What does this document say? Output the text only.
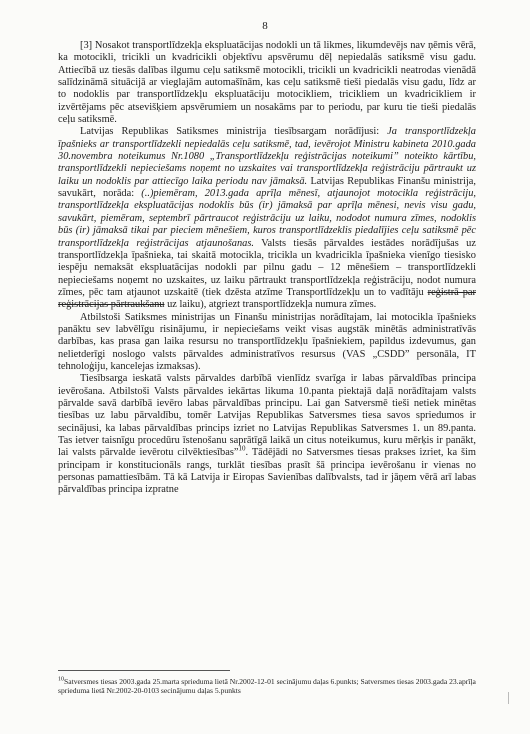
8

[3] Nosakot transportlīdzekļa ekspluatācijas nodokli un tā likmes, likumdevējs nav ņēmis vērā, ka motocikli, tricikli un kvadricikli objektīvu apsvērumu dēļ nepiedalās satiksmē visu gadu. Attiecībā uz tiesās dalības ilgumu ceļu satiksmē motocikli, tricikli un kvadricikli neatrodas vienādā salīdzināmā situācijā ar vieglajām automašīnām, kas ceļu satiksmē tieši piedalās visu gadu, līdz ar to nodoklis par transportlīdzekļu ekspluatāciju motocikliem, tricikliem un kvadricikliem ir izvērtējams pēc atsevišķiem apsvērumiem un nosakāms par to periodu, par kuru tie tieši piedalās ceļu satiksmē.

Latvijas Republikas Satiksmes ministrija tiesībsargam norādījusi: Ja transportlīdzekļa īpašnieks ar transportlīdzekli nepiedalās ceļu satiksmē, tad, ievērojot Ministru kabineta 2010.gada 30.novembra noteikumus Nr.1080 „Transportlīdzekļu reģistrācijas noteikumi” noteikto kārtību, transportlīdzekli nepieciešams noņemt no uzskaites vai transportlīdzekļa reģistrāciju pārtraukt uz laiku un nodoklis par attiecīgo laika periodu nav jāmaksā. Latvijas Republikas Finanšu ministrija, savukārt, norāda: (..)piemēram, 2013.gada aprīļa mēnesī, atjaunojot motocikla reģistrāciju, transportlīdzekļa ekspluatācijas nodoklis būs (ir) jāmaksā par aprīļa mēnesi, nevis visu gadu, savukārt, piemēram, septembrī pārtraucot reģistrāciju uz laiku, nododot numura zīmes, nodoklis būs (ir) jāmaksā tikai par pieciem mēnešiem, kuros transportlīdzeklis piedalījies ceļu satiksmē pēc transportlīdzekļa reģistrācijas atjaunošanas. Valsts tiesās pārvaldes iestādes norādījušas uz transportlīdzekļa īpašnieka, tai skaitā motocikla, tricikla un kvadricikla īpašnieka vienīgo tiesisko iespēju nemaksāt ekspluatācijas nodokli par pilnu gadu – 12 mēnešiem – transportlīdzekli nepieciešams noņemt no uzskaites, uz laiku pārtraukt transportlīdzekļa reģistrāciju, nodot numura zīmes, pēc tam atjaunot uzskaitē (tiek dzēsta atzīme Transportlīdzekļu un to vadītāju reģistrā par reģistrācijas pārtraukšanu uz laiku), atgriezt transportlīdzekļa numura zīmes.

Atbilstoši Satiksmes ministrijas un Finanšu ministrijas norādītajam, lai motocikla īpašnieks panāktu sev labvēlīgu risinājumu, ir nepieciešams veikt visas augstāk minētās administratīvās darbības, kas prasa gan laika resursu no transportlīdzekļu īpašniekiem, papildus izdevumus, gan nelietderīgi noslogo valsts pārvaldes administratīvos resursus (VAS „CSDD” personāla, IT tehnoloģiju, kancelejas izmaksas).

Tiesībsarga ieskatā valsts pārvaldes darbībā vienlīdz svarīga ir labas pārvaldības principa ievērošana. Atbilstoši Valsts pārvaldes iekārtas likuma 10.panta piektajā daļā norādītajam valsts pārvalde savā darbībā ievēro labas pārvaldības principu. Lai gan Satversmē tieši netiek minētas tiesības uz labu pārvaldību, tomēr Latvijas Republikas Satversmes tiesa savos spriedumos ir secinājusi, ka labas pārvaldības princips izriet no Latvijas Republikas Satversmes 1. un 89.panta. Tas ietver taisnīgu procedūru īstenošanu saprātīgā laikā un citus noteikumus, kuru mērķis ir panākt, lai valsts pārvalde ievērotu cilvēktiesības”$^{10}$. Tādējādi no Satversmes tiesas prakses izriet, ka šim principam ir konstitucionāls rangs, turklāt tiesības prasīt šā principa ievērošanu ir vienas no personas pamattiesībām. Tā kā Latvija ir Eiropas Savienības dalībvalsts, tad ir jāņem vērā arī labas pārvaldības principa izpratne

$^{10}$Satversmes tiesas 2003.gada 25.marta sprieduma lietā Nr.2002-12-01 secinājumu daļas 6.punkts; Satversmes tiesas 2003.gada 23.aprīļa sprieduma lietā Nr.2002-20-0103 secinājumu daļas 5.punkts
